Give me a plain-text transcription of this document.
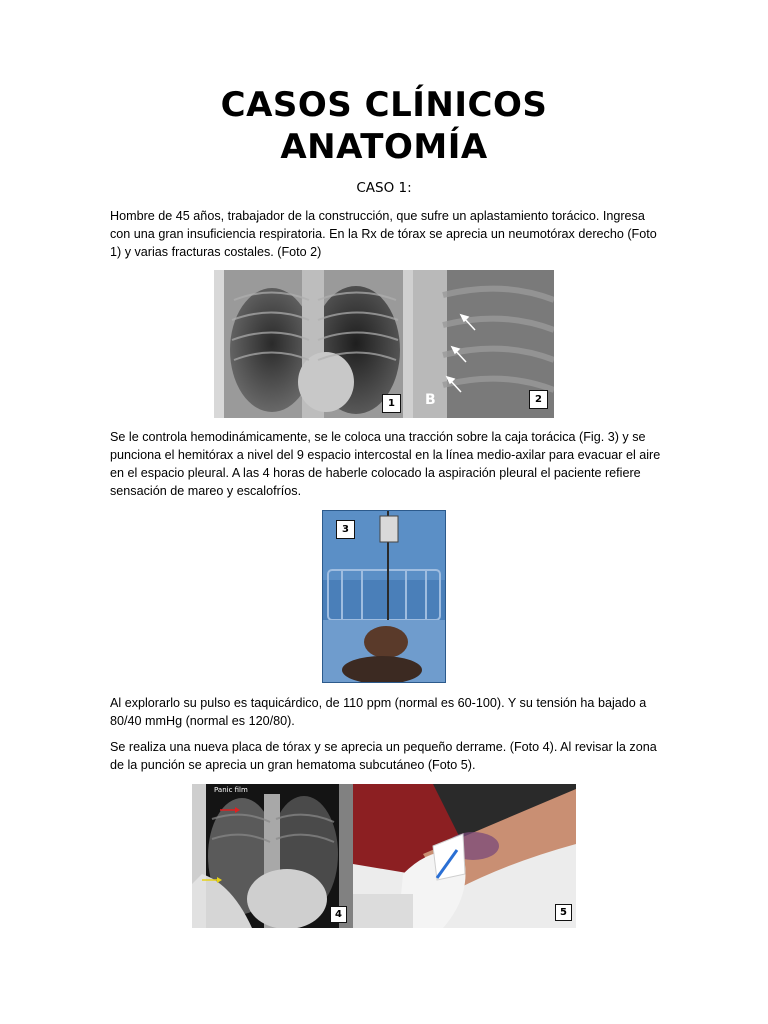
CASOS CLÍNICOS
ANATOMÍA

CASO 1:

Hombre de 45 años, trabajador de la construcción, que sufre un aplastamiento torácico. Ingresa con una gran insuficiencia respiratoria. En la Rx de tórax se aprecia un neumotórax derecho (Foto 1) y varias fracturas costales. (Foto 2)

1	B	2

Se le controla hemodinámicamente, se le coloca una tracción sobre la caja torácica (Fig. 3) y se punciona el hemitórax a nivel del 9 espacio intercostal en la línea medio-axilar para evacuar el aire en el espacio pleural. A las 4 horas de haberle colocado la aspiración pleural el paciente refiere sensación de mareo y escalofríos.

3

Al explorarlo su pulso es taquicárdico, de 110 ppm (normal es 60-100). Y su tensión ha bajado a 80/40 mmHg (normal es 120/80).

Se realiza una nueva placa de tórax y se aprecia un pequeño derrame. (Foto 4). Al revisar la zona de la punción se aprecia un gran hematoma subcutáneo (Foto 5).

Panic film
4	5
